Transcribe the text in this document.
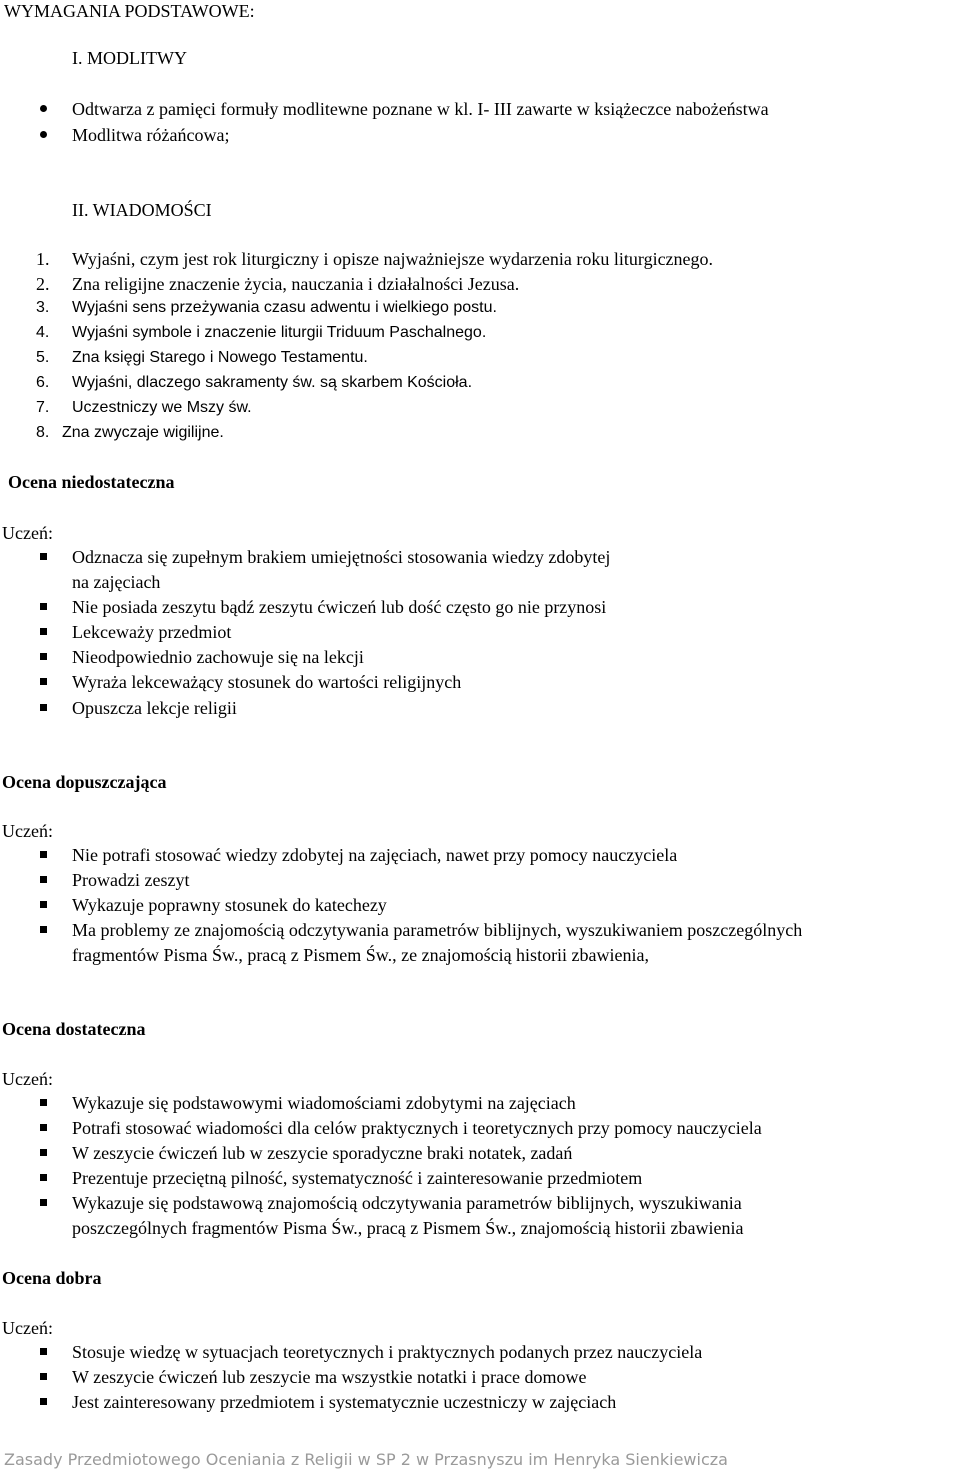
WYMAGANIA PODSTAWOWE:
I. MODLITWY
Odtwarza z pamięci formuły modlitewne poznane w kl. I- III zawarte w książeczce nabożeństwa
Modlitwa różańcowa;
II. WIADOMOŚCI
1. Wyjaśni, czym jest rok liturgiczny i opisze najważniejsze wydarzenia roku liturgicznego.
2. Zna religijne znaczenie życia, nauczania i działalności Jezusa.
3. Wyjaśni sens przeżywania czasu adwentu i wielkiego postu.
4. Wyjaśni symbole i znaczenie liturgii Triduum Paschalnego.
5. Zna księgi Starego i Nowego Testamentu.
6. Wyjaśni, dlaczego sakramenty św. są skarbem Kościoła.
7. Uczestniczy we Mszy św.
8. Zna zwyczaje wigilijne.
Ocena niedostateczna
Uczeń:
Odznacza się zupełnym brakiem umiejętności stosowania wiedzy zdobytej
na zajęciach
Nie posiada zeszytu bądź zeszytu ćwiczeń lub dość często go nie przynosi
Lekceważy przedmiot
Nieodpowiednio zachowuje się na lekcji
Wyraża lekceważący stosunek do wartości religijnych
Opuszcza lekcje religii
Ocena dopuszczająca
Uczeń:
Nie potrafi stosować wiedzy zdobytej na zajęciach, nawet przy pomocy nauczyciela
Prowadzi zeszyt
Wykazuje poprawny stosunek do katechezy
Ma problemy ze znajomością odczytywania parametrów biblijnych, wyszukiwaniem poszczególnych
fragmentów Pisma Św., pracą z Pismem Św., ze znajomością historii zbawienia,
Ocena dostateczna
Uczeń:
Wykazuje się podstawowymi wiadomościami zdobytymi na zajęciach
Potrafi stosować wiadomości dla celów praktycznych i teoretycznych przy pomocy nauczyciela
W zeszycie ćwiczeń lub w zeszycie sporadyczne braki notatek, zadań
Prezentuje przeciętną pilność, systematyczność i zainteresowanie przedmiotem
Wykazuje się podstawową znajomością odczytywania parametrów biblijnych, wyszukiwania
poszczególnych fragmentów Pisma Św., pracą z Pismem Św., znajomością historii zbawienia
Ocena dobra
Uczeń:
Stosuje wiedzę w sytuacjach teoretycznych i praktycznych podanych przez nauczyciela
W zeszycie ćwiczeń lub zeszycie ma wszystkie notatki i prace domowe
Jest zainteresowany przedmiotem i systematycznie uczestniczy w zajęciach
Zasady Przedmiotowego Oceniania z Religii w SP 2 w Przasnyszu im Henryka Sienkiewicza
